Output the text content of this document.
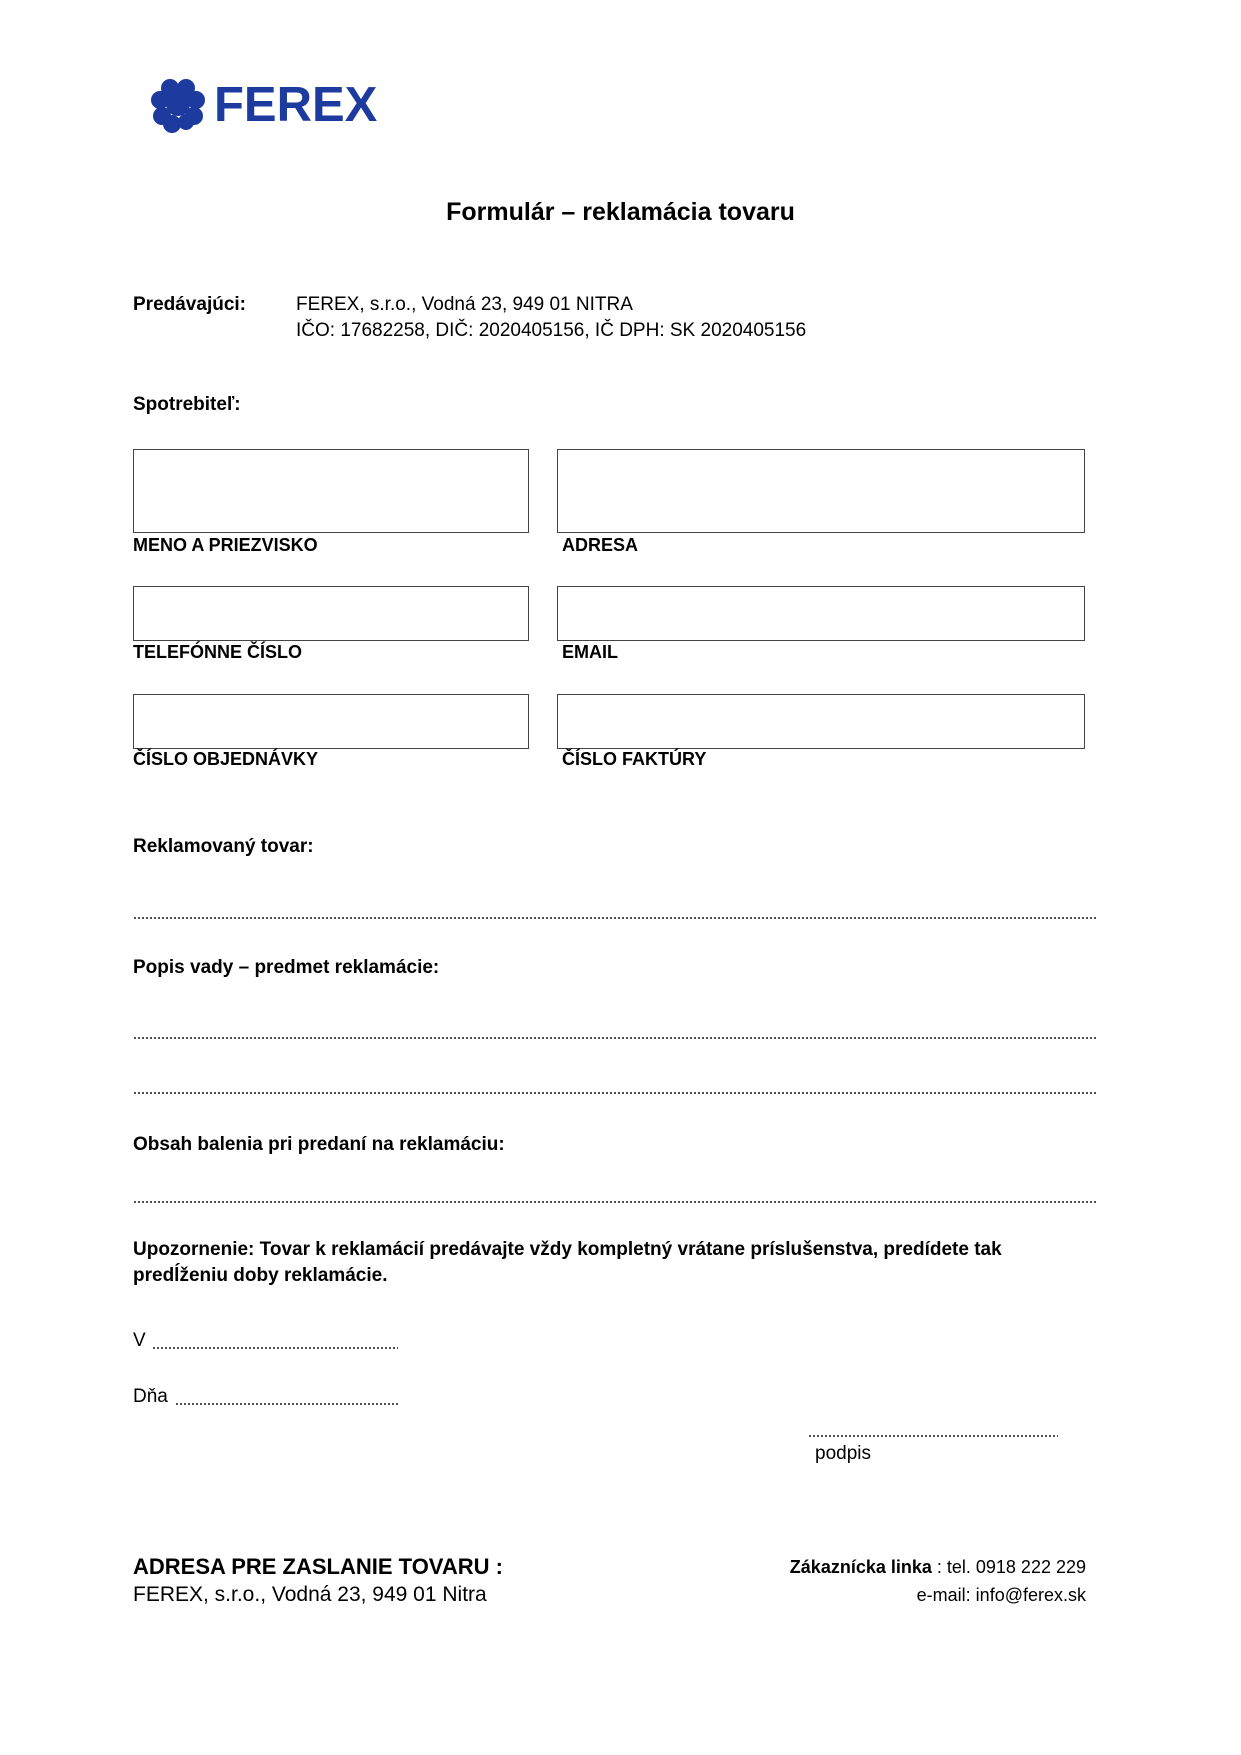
FEREX
Formulár – reklamácia tovaru
Predávajúci:	FEREX, s.r.o., Vodná 23, 949 01 NITRA
IČO: 17682258, DIČ: 2020405156, IČ DPH: SK 2020405156
Spotrebiteľ:
MENO A PRIEZVISKO	ADRESA
TELEFÓNNE ČÍSLO	EMAIL
ČÍSLO OBJEDNÁVKY	ČÍSLO FAKTÚRY
Reklamovaný tovar:
Popis vady – predmet reklamácie:
Obsah balenia pri predaní na reklamáciu:
Upozornenie: Tovar k reklamácií predávajte vždy kompletný vrátane príslušenstva, predídete tak
predĺženiu doby reklamácie.
V
Dňa
podpis
ADRESA PRE ZASLANIE TOVARU :
FEREX, s.r.o., Vodná 23, 949 01 Nitra
Zákaznícka linka : tel. 0918 222 229
e-mail: info@ferex.sk
